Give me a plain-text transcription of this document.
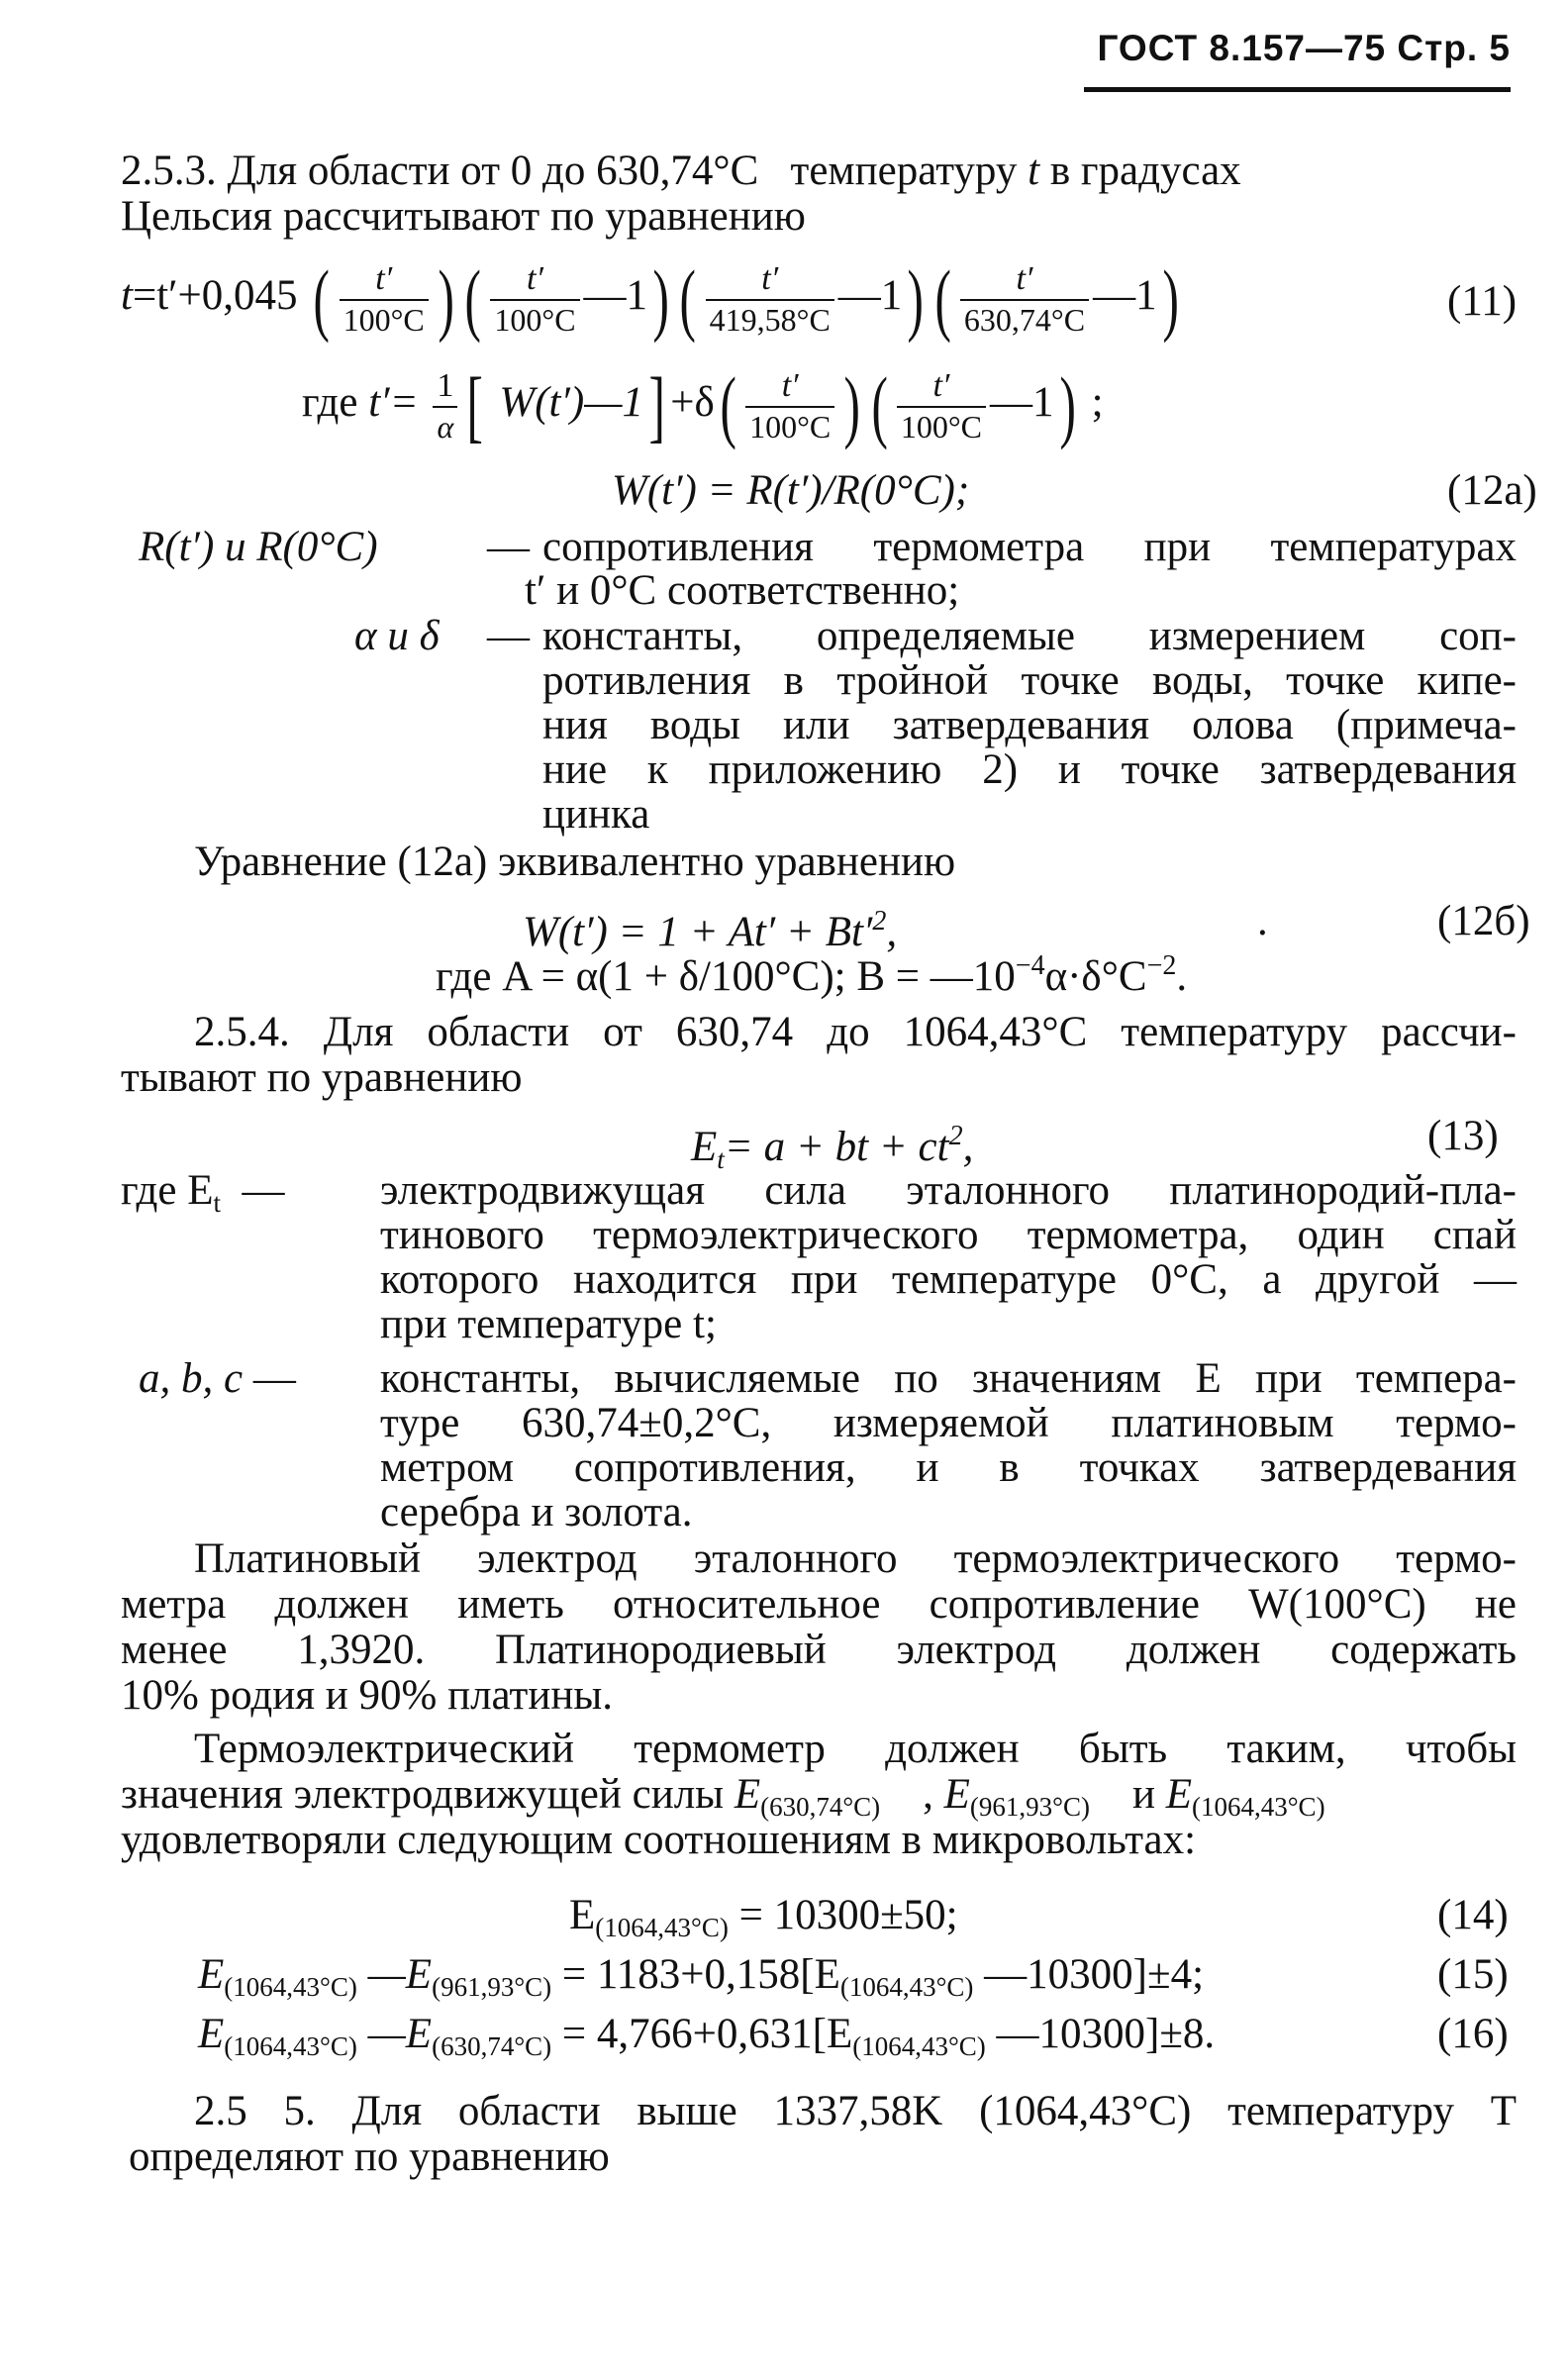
ГОСТ 8.157—75 Стр. 5
2.5.3. Для области от 0 до 630,74°С температуру t в градусах
Цельсия рассчитывают по уравнению
t=t′+0,045 (	t′
100°С ) (	t′
100°С
—1) (	t′
419,58°С
—1) (	t′
630,74°С
—1)	(11)
где $t'= \frac{1}{\alpha}$ [ W(t′)—1] +δ(	t′
100°С ) (	t′
100°С
—1) ;
W(t′) = R(t′)/R(0°С);	(12а)
R(t′) и R(0°С)	— сопротивления термометра при температурах
t′ и 0°С соответственно;
α и δ — константы, определяемые измерением соп-
ротивления в тройной точке воды, точке кипе-
ния воды или затвердевания олова (примеча-
ние к приложению 2) и точке затвердевания
цинка
Уравнение (12а) эквивалентно уравнению
$W(t') = 1 + At' + Bt'^2$,	.	(12б)
где A = α(1 + δ/100°С); $B = —10^{-4}\alpha\cdot\delta^\circ С^{-2}$.
2.5.4. Для области от 630,74 до 1064,43°С температуру рассчи-
тывают по уравнению
$E_t= a$ + bt + $ct^2$,	(13)
где $E_t$ — электродвижущая сила эталонного платинородий-пла-
тинового термоэлектрического термометра, один спай
которого находится при температуре 0°С, а другой —
при температуре t;
a, b, c — константы, вычисляемые по значениям E при темпера-
туре 630,74±0,2°С, измеряемой платиновым термо-
метром сопротивления, и в точках затвердевания
серебра и золота.
Платиновый электрод эталонного термоэлектрического термо-
метра должен иметь относительное сопротивление W(100°С) не
менее 1,3920. Платинородиевый электрод должен содержать
10% родия и 90% платины.
Термоэлектрический термометр должен быть таким, чтобы
значения электродвижущей силы $E_{(630,74^\circ С)}$ , $E_{(961,93^\circ С)}$ и $E_{(1064,43^\circ С)}$
удовлетворяли следующим соотношениям в микровольтах:
$E_{(1064,43^\circ С)} = 10300\pm 50$;	(14)
$E_{(1064,43^\circ С)}$ $—E_{(961,93^\circ С)} = 1183+0,158[E_{(1064,43^\circ С)}$ —10300]±4;	(15)
$E_{(1064,43^\circ С)}$ $—E_{(630,74^\circ С)} = 4,766+0,631[E_{(1064,43^\circ С)}$ —10300]±8.	(16)
2.5 5. Для области выше 1337,58K (1064,43°С) температуру T
определяют по уравнению
